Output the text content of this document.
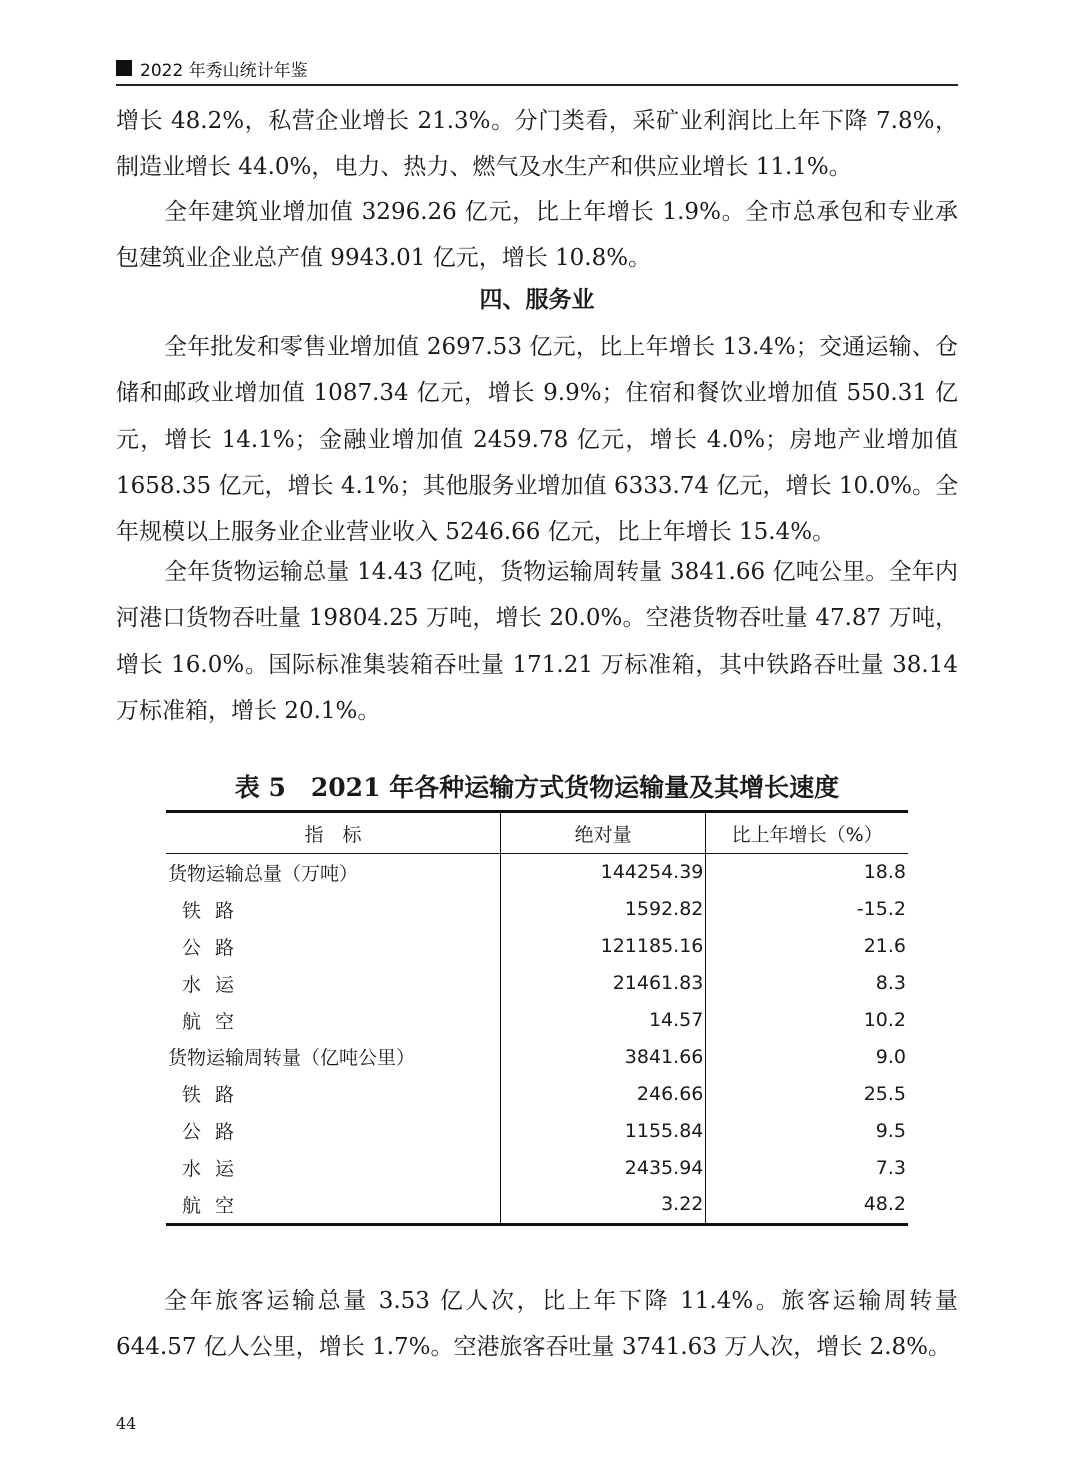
2022 年秀山统计年鉴

增长 48.2%，私营企业增长 21.3%。分门类看，采矿业利润比上年下降 7.8%，制造业增长 44.0%，电力、热力、燃气及水生产和供应业增长 11.1%。

全年建筑业增加值 3296.26 亿元，比上年增长 1.9%。全市总承包和专业承包建筑业企业总产值 9943.01 亿元，增长 10.8%。

四、服务业

全年批发和零售业增加值 2697.53 亿元，比上年增长 13.4%；交通运输、仓储和邮政业增加值 1087.34 亿元，增长 9.9%；住宿和餐饮业增加值 550.31 亿元，增长 14.1%；金融业增加值 2459.78 亿元，增长 4.0%；房地产业增加值 1658.35 亿元，增长 4.1%；其他服务业增加值 6333.74 亿元，增长 10.0%。全年规模以上服务业企业营业收入 5246.66 亿元，比上年增长 15.4%。

全年货物运输总量 14.43 亿吨，货物运输周转量 3841.66 亿吨公里。全年内河港口货物吞吐量 19804.25 万吨，增长 20.0%。空港货物吞吐量 47.87 万吨，增长 16.0%。国际标准集装箱吞吐量 171.21 万标准箱，其中铁路吞吐量 38.14 万标准箱，增长 20.1%。

表 5　2021 年各种运输方式货物运输量及其增长速度
指　标	绝对量	比上年增长（%）
货物运输总量（万吨）	144254.39	18.8
铁路	1592.82	-15.2
公路	121185.16	21.6
水运	21461.83	8.3
航空	14.57	10.2
货物运输周转量（亿吨公里）	3841.66	9.0
铁路	246.66	25.5
公路	1155.84	9.5
水运	2435.94	7.3
航空	3.22	48.2

全年旅客运输总量 3.53 亿人次，比上年下降 11.4%。旅客运输周转量 644.57 亿人公里，增长 1.7%。空港旅客吞吐量 3741.63 万人次，增长 2.8%。

44
